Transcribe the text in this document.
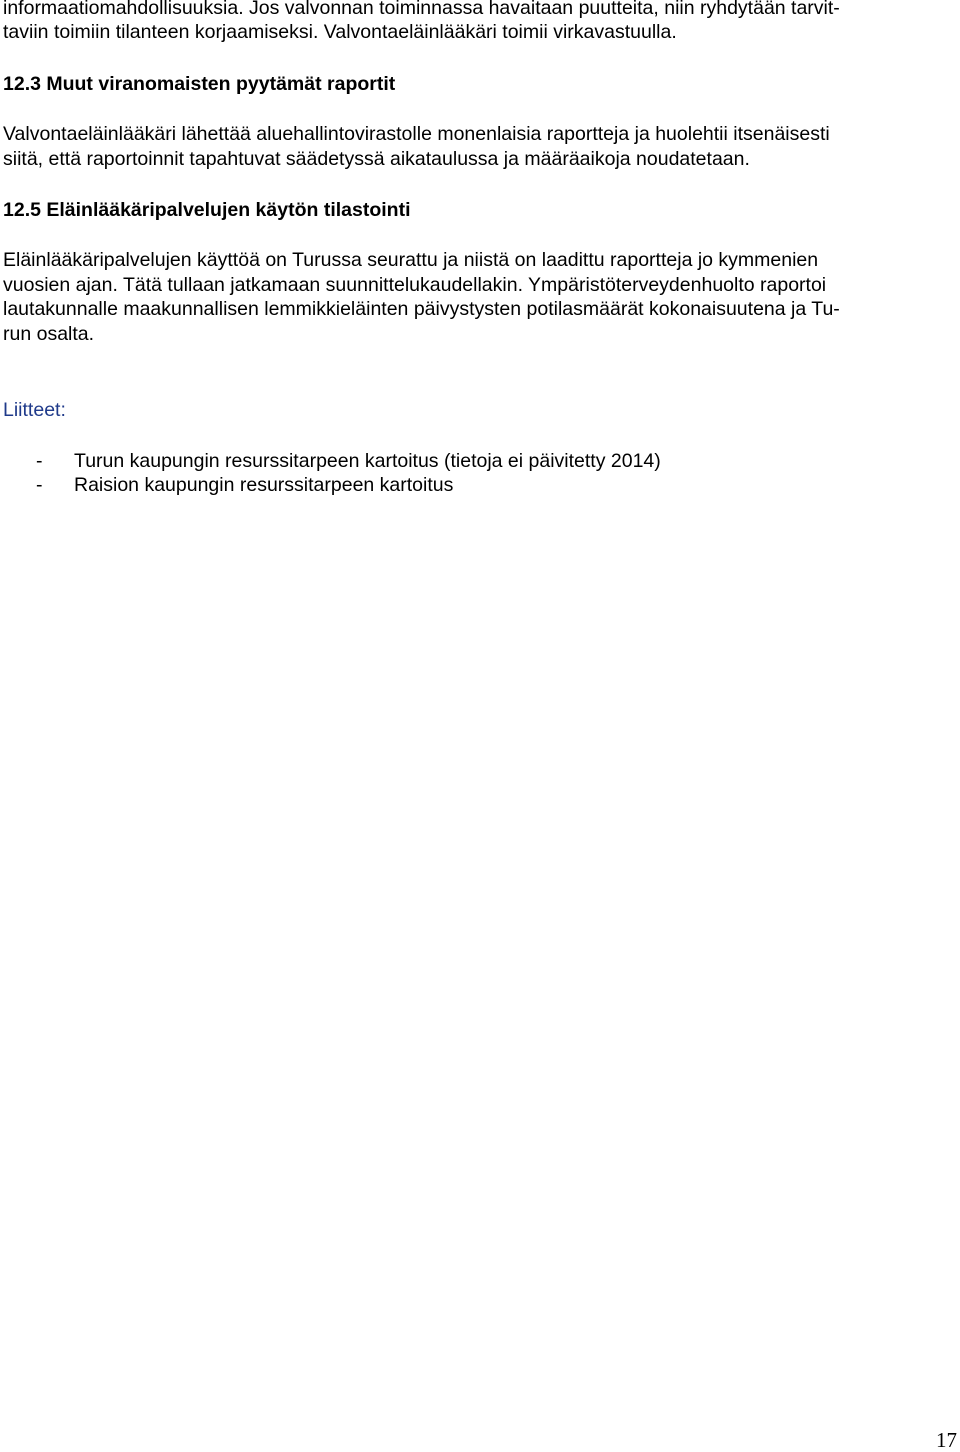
informaatiomahdollisuuksia. Jos valvonnan toiminnassa havaitaan puutteita, niin ryhdytään tarvit-
taviin toimiin tilanteen korjaamiseksi. Valvontaeläinlääkäri toimii virkavastuulla.
12.3 Muut viranomaisten pyytämät raportit
Valvontaeläinlääkäri lähettää aluehallintovirastolle monenlaisia raportteja ja huolehtii itsenäisesti
siitä, että raportoinnit tapahtuvat säädetyssä aikataulussa ja määräaikoja noudatetaan.
12.5 Eläinlääkäripalvelujen käytön tilastointi
Eläinlääkäripalvelujen käyttöä on Turussa seurattu ja niistä on laadittu raportteja jo kymmenien
vuosien ajan. Tätä tullaan jatkamaan suunnittelukaudellakin. Ympäristöterveydenhuolto raportoi
lautakunnalle maakunnallisen lemmikkieläinten päivystysten potilasmäärät kokonaisuutena ja Tu-
run osalta.
Liitteet:
- Turun kaupungin resurssitarpeen kartoitus (tietoja ei päivitetty 2014)
- Raision kaupungin resurssitarpeen kartoitus
17
